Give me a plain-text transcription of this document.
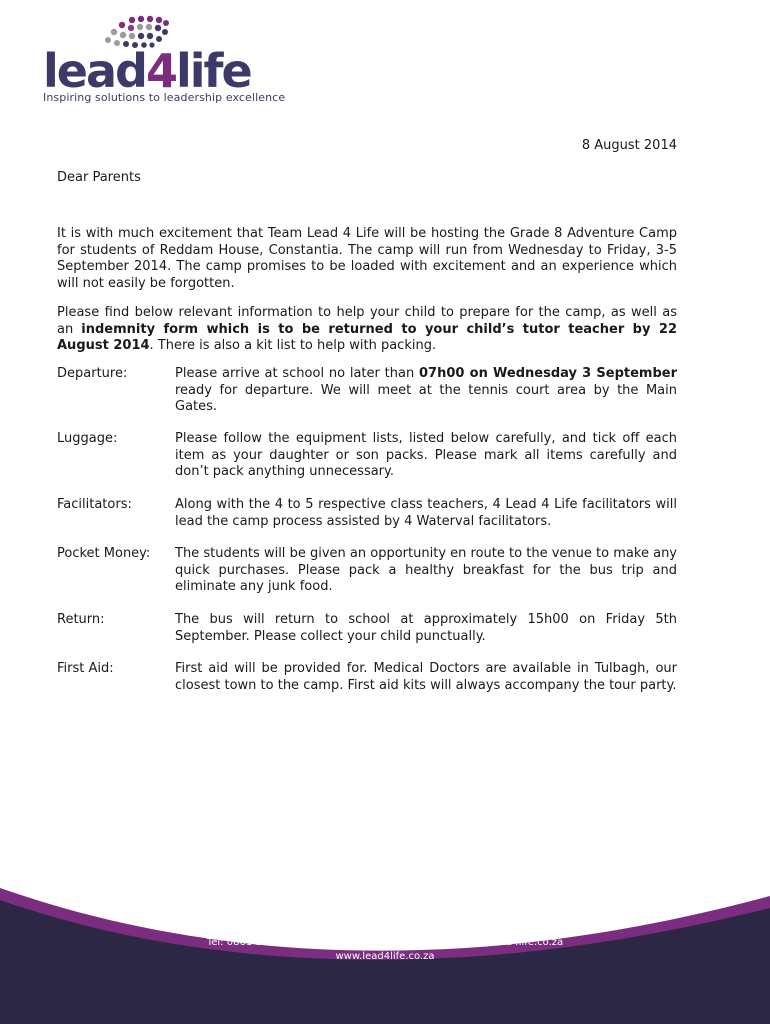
lead4life
Inspiring solutions to leadership excellence
8 August 2014
Dear Parents
It is with much excitement that Team Lead 4 Life will be hosting the Grade 8 Adventure Camp for students of Reddam House, Constantia. The camp will run from Wednesday to Friday, 3-5 September 2014. The camp promises to be loaded with excitement and an experience which will not easily be forgotten.
Please find below relevant information to help your child to prepare for the camp, as well as an indemnity form which is to be returned to your child’s tutor teacher by 22 August 2014. There is also a kit list to help with packing.
Departure:	Please arrive at school no later than 07h00 on Wednesday 3 September ready for departure. We will meet at the tennis court area by the Main Gates.
Luggage:	Please follow the equipment lists, listed below carefully, and tick off each item as your daughter or son packs. Please mark all items carefully and don’t pack anything unnecessary.
Facilitators:	Along with the 4 to 5 respective class teachers, 4 Lead 4 Life facilitators will lead the camp process assisted by 4 Waterval facilitators.
Pocket Money:	The students will be given an opportunity en route to the venue to make any quick purchases. Please pack a healthy breakfast for the bus trip and eliminate any junk food.
Return:	The bus will return to school at approximately 15h00 on Friday 5th September. Please collect your child punctually.
First Aid:	First aid will be provided for. Medical Doctors are available in Tulbagh, our closest town to the camp. First aid kits will always accompany the tour party.
P.O. Box 24021, Claremont, 7735
Tel: 0861 343 738 • Cell: 083 414 3232 • E-mail: kevin@lead4life.co.za
www.lead4life.co.za
